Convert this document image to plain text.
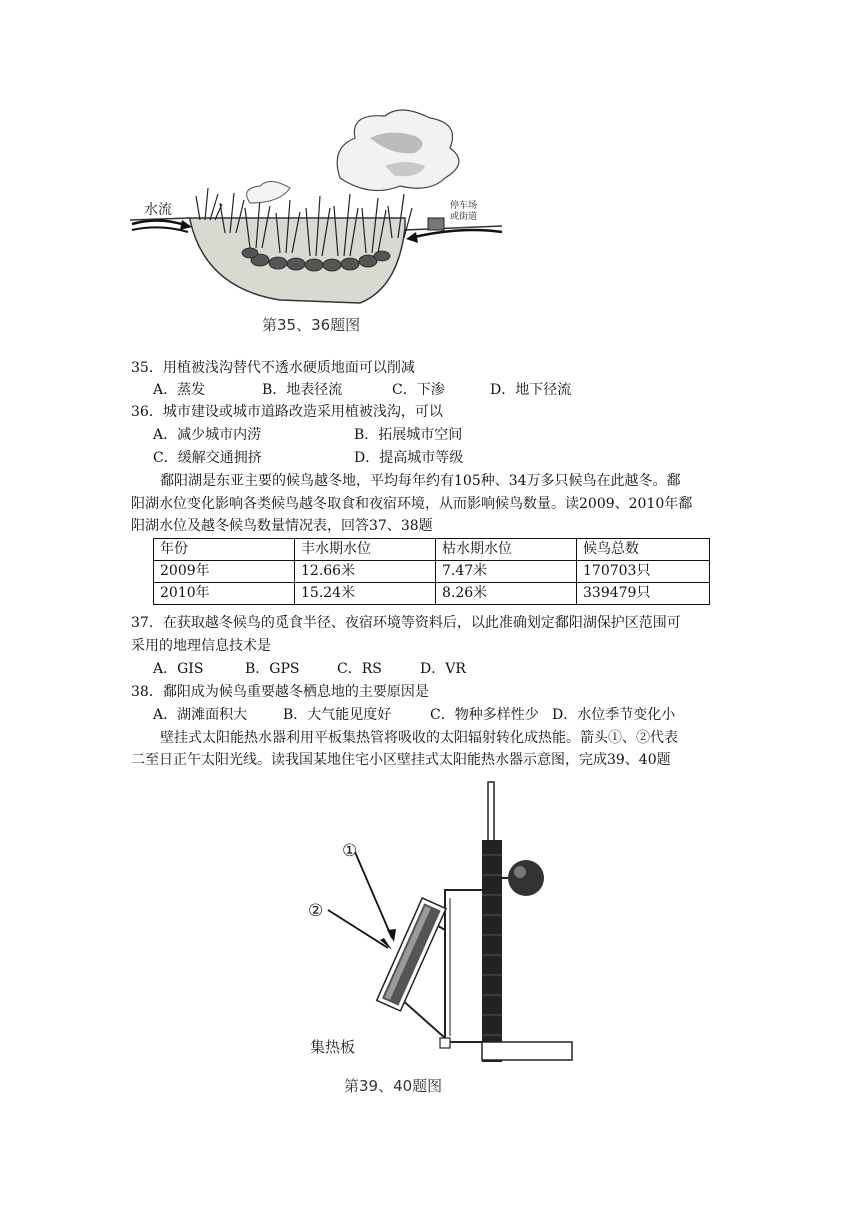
水流	停车场
或街道
第35、36题图
35．用植被浅沟替代不透水硬质地面可以削减
A．蒸发	B．地表径流	C．下渗	D．地下径流
36．城市建设或城市道路改造采用植被浅沟，可以
A．减少城市内涝	B．拓展城市空间
C．缓解交通拥挤	D．提高城市等级
鄱阳湖是东亚主要的候鸟越冬地，平均每年约有105种、34万多只候鸟在此越冬。鄱
阳湖水位变化影响各类候鸟越冬取食和夜宿环境，从而影响候鸟数量。读2009、2010年鄱
阳湖水位及越冬候鸟数量情况表，回答37、38题
年份	丰水期水位	枯水期水位	候鸟总数
2009年	12.66米	7.47米	170703只
2010年	15.24米	8.26米	339479只
37．在获取越冬候鸟的觅食半径、夜宿环境等资料后，以此准确划定鄱阳湖保护区范围可
采用的地理信息技术是
A．GIS	B．GPS	C．RS	D．VR
38．鄱阳成为候鸟重要越冬栖息地的主要原因是
A．湖滩面积大	B．大气能见度好	C．物种多样性少 D．水位季节变化小
壁挂式太阳能热水器利用平板集热管将吸收的太阳辐射转化成热能。箭头①、②代表
二至日正午太阳光线。读我国某地住宅小区壁挂式太阳能热水器示意图，完成39、40题
①
②
集热板
第39、40题图
